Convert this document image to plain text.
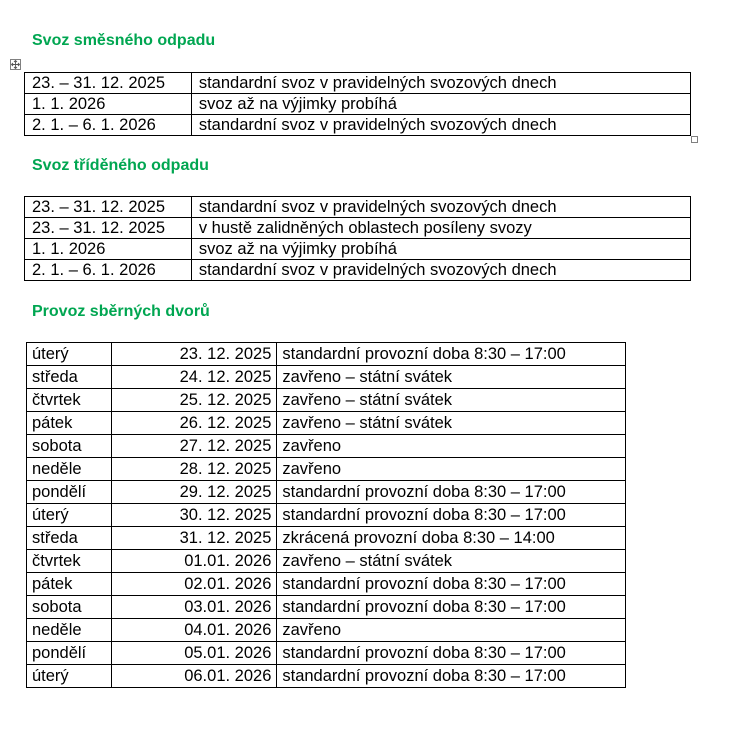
Svoz směsného odpadu
23. – 31. 12. 2025	standardní svoz v pravidelných svozových dnech
1. 1. 2026	svoz až na výjimky probíhá
2. 1. – 6. 1. 2026	standardní svoz v pravidelných svozových dnech
Svoz tříděného odpadu
23. – 31. 12. 2025	standardní svoz v pravidelných svozových dnech
23. – 31. 12. 2025	v hustě zalidněných oblastech posíleny svozy
1. 1. 2026	svoz až na výjimky probíhá
2. 1. – 6. 1. 2026	standardní svoz v pravidelných svozových dnech
Provoz sběrných dvorů
úterý	23. 12. 2025	standardní provozní doba 8:30 – 17:00
středa	24. 12. 2025	zavřeno – státní svátek
čtvrtek	25. 12. 2025	zavřeno – státní svátek
pátek	26. 12. 2025	zavřeno – státní svátek
sobota	27. 12. 2025	zavřeno
neděle	28. 12. 2025	zavřeno
pondělí	29. 12. 2025	standardní provozní doba 8:30 – 17:00
úterý	30. 12. 2025	standardní provozní doba 8:30 – 17:00
středa	31. 12. 2025	zkrácená provozní doba 8:30 – 14:00
čtvrtek	01.01. 2026	zavřeno – státní svátek
pátek	02.01. 2026	standardní provozní doba 8:30 – 17:00
sobota	03.01. 2026	standardní provozní doba 8:30 – 17:00
neděle	04.01. 2026	zavřeno
pondělí	05.01. 2026	standardní provozní doba 8:30 – 17:00
úterý	06.01. 2026	standardní provozní doba 8:30 – 17:00
